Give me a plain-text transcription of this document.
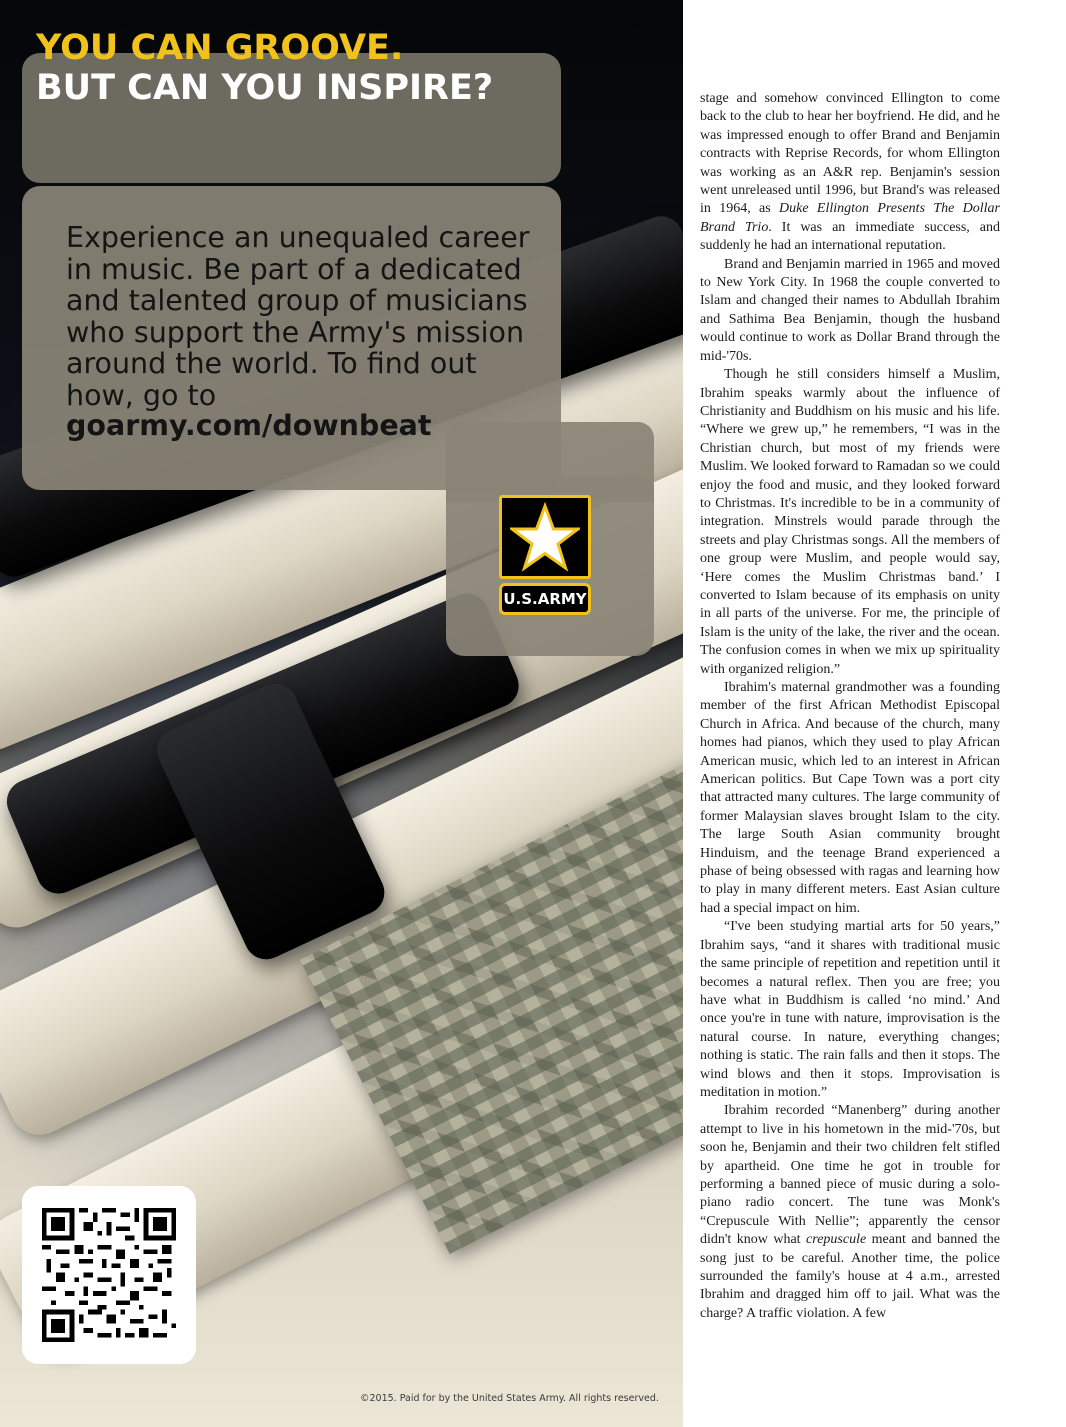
YOU CAN GROOVE.
BUT CAN YOU INSPIRE?

Experience an unequaled career in music. Be part of a dedicated and talented group of musicians who support the Army's mission around the world. To find out how, go to

goarmy.com/downbeat
U.S.ARMY

©2015. Paid for by the United States Army. All rights reserved.

stage and somehow convinced Ellington to come back to the club to hear her boyfriend. He did, and he was impressed enough to offer Brand and Benjamin contracts with Reprise Records, for whom Ellington was working as an A&R rep. Benjamin's session went unreleased until 1996, but Brand's was released in 1964, as Duke Ellington Presents The Dollar Brand Trio. It was an immediate success, and suddenly he had an international reputation.

Brand and Benjamin married in 1965 and moved to New York City. In 1968 the couple converted to Islam and changed their names to Abdullah Ibrahim and Sathima Bea Benjamin, though the husband would continue to work as Dollar Brand through the mid-'70s.

Though he still considers himself a Muslim, Ibrahim speaks warmly about the influence of Christianity and Buddhism on his music and his life. “Where we grew up,” he remembers, “I was in the Christian church, but most of my friends were Muslim. We looked forward to Ramadan so we could enjoy the food and music, and they looked forward to Christmas. It's incredible to be in a community of integration. Minstrels would parade through the streets and play Christmas songs. All the members of one group were Muslim, and people would say, ‘Here comes the Muslim Christmas band.’ I converted to Islam because of its emphasis on unity in all parts of the universe. For me, the principle of Islam is the unity of the lake, the river and the ocean. The confusion comes in when we mix up spirituality with organized religion.”

Ibrahim's maternal grandmother was a founding member of the first African Methodist Episcopal Church in Africa. And because of the church, many homes had pianos, which they used to play African American music, which led to an interest in African American politics. But Cape Town was a port city that attracted many cultures. The large community of former Malaysian slaves brought Islam to the city. The large South Asian community brought Hinduism, and the teenage Brand experienced a phase of being obsessed with ragas and learning how to play in many different meters. East Asian culture had a special impact on him.

“I've been studying martial arts for 50 years,” Ibrahim says, “and it shares with traditional music the same principle of repetition and repetition until it becomes a natural reflex. Then you are free; you have what in Buddhism is called ‘no mind.’ And once you're in tune with nature, improvisation is the natural course. In nature, everything changes; nothing is static. The rain falls and then it stops. The wind blows and then it stops. Improvisation is meditation in motion.”

Ibrahim recorded “Manenberg” during another attempt to live in his hometown in the mid-'70s, but soon he, Benjamin and their two children felt stifled by apartheid. One time he got in trouble for performing a banned piece of music during a solo-piano radio concert. The tune was Monk's “Crepuscule With Nellie”; apparently the censor didn't know what crepuscule meant and banned the song just to be careful. Another time, the police surrounded the family's house at 4 a.m., arrested Ibrahim and dragged him off to jail. What was the charge? A traffic violation. A few
